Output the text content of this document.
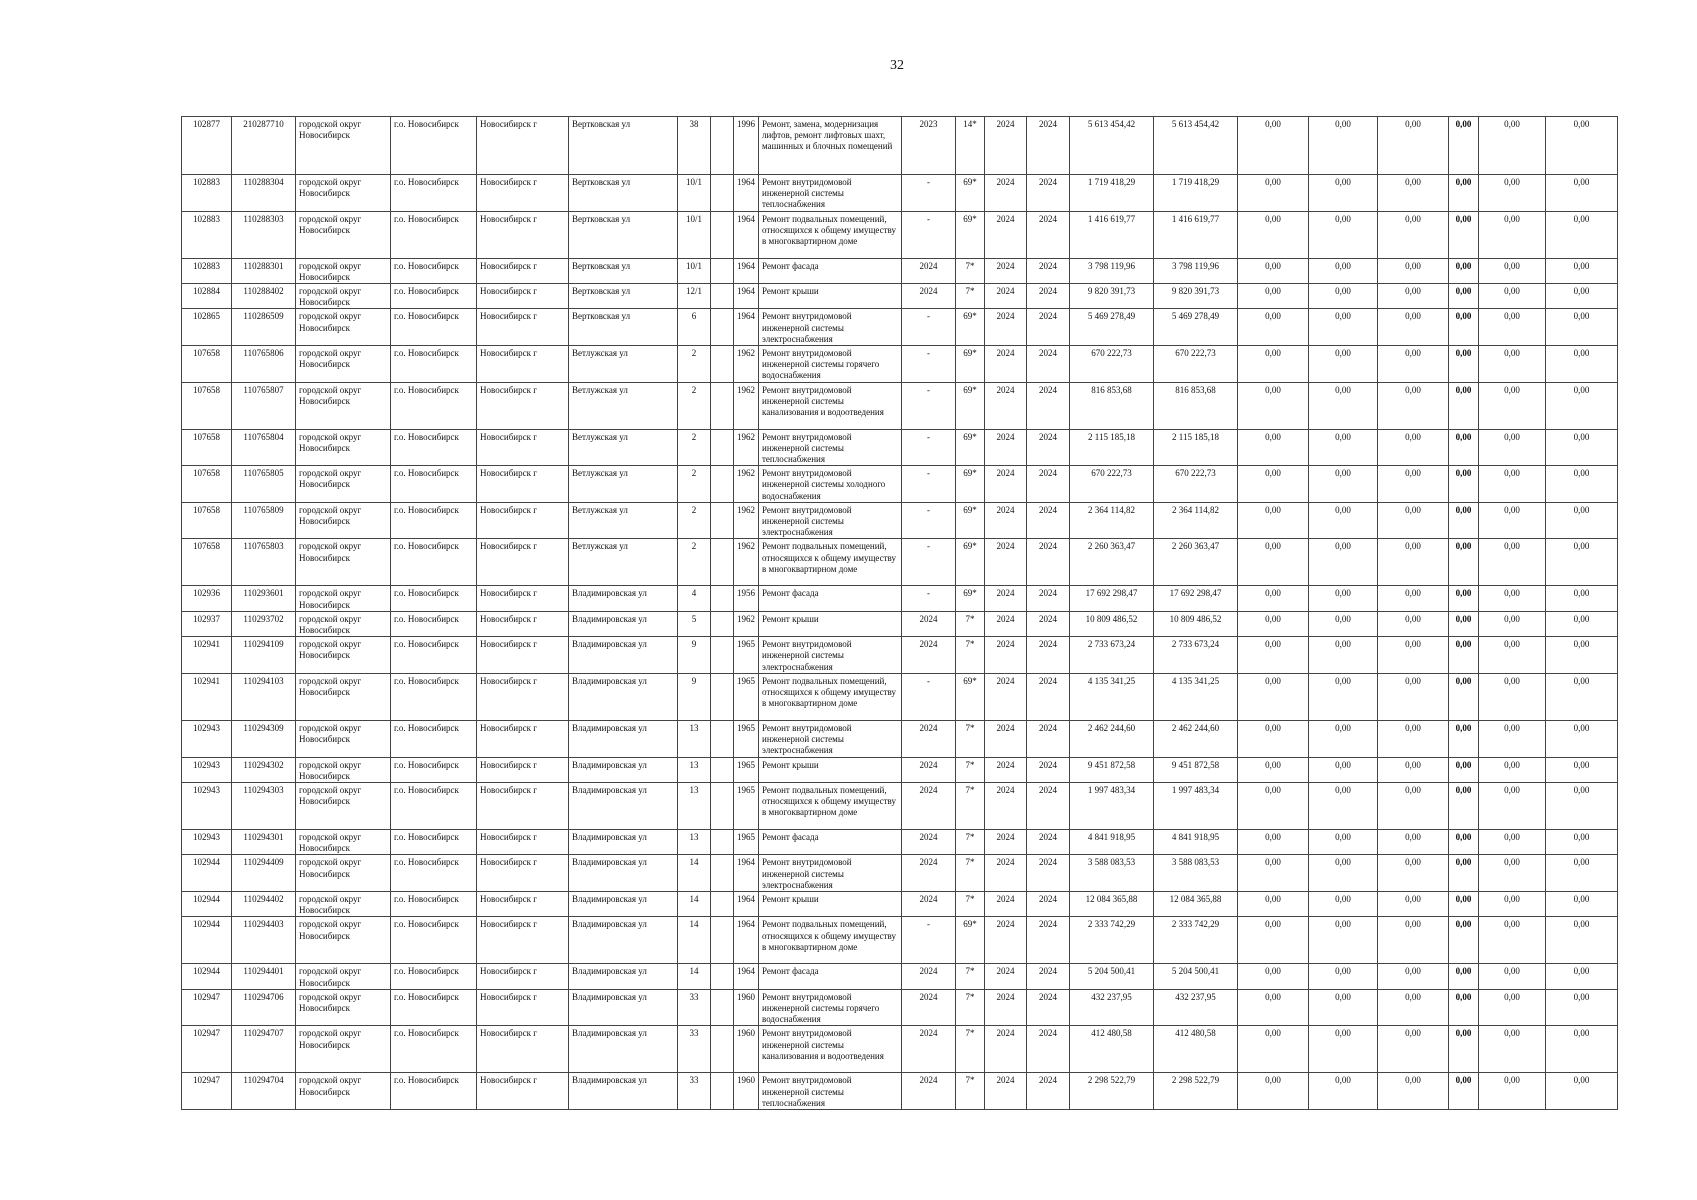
32
102877	210287710	городской округ Новосибирск	г.о. Новосибирск	Новосибирск г	Вертковская ул	38		1996	Ремонт, замена, модернизация лифтов, ремонт лифтовых шахт, машинных и блочных помещений	2023	14*	2024	2024	5 613 454,42	5 613 454,42	0,00	0,00	0,00	0,00	0,00	0,00
102883	110288304	городской округ Новосибирск	г.о. Новосибирск	Новосибирск г	Вертковская ул	10/1		1964	Ремонт внутридомовой инженерной системы теплоснабжения	-	69*	2024	2024	1 719 418,29	1 719 418,29	0,00	0,00	0,00	0,00	0,00	0,00
102883	110288303	городской округ Новосибирск	г.о. Новосибирск	Новосибирск г	Вертковская ул	10/1		1964	Ремонт подвальных помещений, относящихся к общему имуществу в многоквартирном доме	-	69*	2024	2024	1 416 619,77	1 416 619,77	0,00	0,00	0,00	0,00	0,00	0,00
102883	110288301	городской округ Новосибирск	г.о. Новосибирск	Новосибирск г	Вертковская ул	10/1		1964	Ремонт фасада	2024	7*	2024	2024	3 798 119,96	3 798 119,96	0,00	0,00	0,00	0,00	0,00	0,00
102884	110288402	городской округ Новосибирск	г.о. Новосибирск	Новосибирск г	Вертковская ул	12/1		1964	Ремонт крыши	2024	7*	2024	2024	9 820 391,73	9 820 391,73	0,00	0,00	0,00	0,00	0,00	0,00
102865	110286509	городской округ Новосибирск	г.о. Новосибирск	Новосибирск г	Вертковская ул	6		1964	Ремонт внутридомовой инженерной системы электроснабжения	-	69*	2024	2024	5 469 278,49	5 469 278,49	0,00	0,00	0,00	0,00	0,00	0,00
107658	110765806	городской округ Новосибирск	г.о. Новосибирск	Новосибирск г	Ветлужская ул	2		1962	Ремонт внутридомовой инженерной системы горячего водоснабжения	-	69*	2024	2024	670 222,73	670 222,73	0,00	0,00	0,00	0,00	0,00	0,00
107658	110765807	городской округ Новосибирск	г.о. Новосибирск	Новосибирск г	Ветлужская ул	2		1962	Ремонт внутридомовой инженерной системы канализования и водоотведения	-	69*	2024	2024	816 853,68	816 853,68	0,00	0,00	0,00	0,00	0,00	0,00
107658	110765804	городской округ Новосибирск	г.о. Новосибирск	Новосибирск г	Ветлужская ул	2		1962	Ремонт внутридомовой инженерной системы теплоснабжения	-	69*	2024	2024	2 115 185,18	2 115 185,18	0,00	0,00	0,00	0,00	0,00	0,00
107658	110765805	городской округ Новосибирск	г.о. Новосибирск	Новосибирск г	Ветлужская ул	2		1962	Ремонт внутридомовой инженерной системы холодного водоснабжения	-	69*	2024	2024	670 222,73	670 222,73	0,00	0,00	0,00	0,00	0,00	0,00
107658	110765809	городской округ Новосибирск	г.о. Новосибирск	Новосибирск г	Ветлужская ул	2		1962	Ремонт внутридомовой инженерной системы электроснабжения	-	69*	2024	2024	2 364 114,82	2 364 114,82	0,00	0,00	0,00	0,00	0,00	0,00
107658	110765803	городской округ Новосибирск	г.о. Новосибирск	Новосибирск г	Ветлужская ул	2		1962	Ремонт подвальных помещений, относящихся к общему имуществу в многоквартирном доме	-	69*	2024	2024	2 260 363,47	2 260 363,47	0,00	0,00	0,00	0,00	0,00	0,00
102936	110293601	городской округ Новосибирск	г.о. Новосибирск	Новосибирск г	Владимировская ул	4		1956	Ремонт фасада	-	69*	2024	2024	17 692 298,47	17 692 298,47	0,00	0,00	0,00	0,00	0,00	0,00
102937	110293702	городской округ Новосибирск	г.о. Новосибирск	Новосибирск г	Владимировская ул	5		1962	Ремонт крыши	2024	7*	2024	2024	10 809 486,52	10 809 486,52	0,00	0,00	0,00	0,00	0,00	0,00
102941	110294109	городской округ Новосибирск	г.о. Новосибирск	Новосибирск г	Владимировская ул	9		1965	Ремонт внутридомовой инженерной системы электроснабжения	2024	7*	2024	2024	2 733 673,24	2 733 673,24	0,00	0,00	0,00	0,00	0,00	0,00
102941	110294103	городской округ Новосибирск	г.о. Новосибирск	Новосибирск г	Владимировская ул	9		1965	Ремонт подвальных помещений, относящихся к общему имуществу в многоквартирном доме	-	69*	2024	2024	4 135 341,25	4 135 341,25	0,00	0,00	0,00	0,00	0,00	0,00
102943	110294309	городской округ Новосибирск	г.о. Новосибирск	Новосибирск г	Владимировская ул	13		1965	Ремонт внутридомовой инженерной системы электроснабжения	2024	7*	2024	2024	2 462 244,60	2 462 244,60	0,00	0,00	0,00	0,00	0,00	0,00
102943	110294302	городской округ Новосибирск	г.о. Новосибирск	Новосибирск г	Владимировская ул	13		1965	Ремонт крыши	2024	7*	2024	2024	9 451 872,58	9 451 872,58	0,00	0,00	0,00	0,00	0,00	0,00
102943	110294303	городской округ Новосибирск	г.о. Новосибирск	Новосибирск г	Владимировская ул	13		1965	Ремонт подвальных помещений, относящихся к общему имуществу в многоквартирном доме	2024	7*	2024	2024	1 997 483,34	1 997 483,34	0,00	0,00	0,00	0,00	0,00	0,00
102943	110294301	городской округ Новосибирск	г.о. Новосибирск	Новосибирск г	Владимировская ул	13		1965	Ремонт фасада	2024	7*	2024	2024	4 841 918,95	4 841 918,95	0,00	0,00	0,00	0,00	0,00	0,00
102944	110294409	городской округ Новосибирск	г.о. Новосибирск	Новосибирск г	Владимировская ул	14		1964	Ремонт внутридомовой инженерной системы электроснабжения	2024	7*	2024	2024	3 588 083,53	3 588 083,53	0,00	0,00	0,00	0,00	0,00	0,00
102944	110294402	городской округ Новосибирск	г.о. Новосибирск	Новосибирск г	Владимировская ул	14		1964	Ремонт крыши	2024	7*	2024	2024	12 084 365,88	12 084 365,88	0,00	0,00	0,00	0,00	0,00	0,00
102944	110294403	городской округ Новосибирск	г.о. Новосибирск	Новосибирск г	Владимировская ул	14		1964	Ремонт подвальных помещений, относящихся к общему имуществу в многоквартирном доме	-	69*	2024	2024	2 333 742,29	2 333 742,29	0,00	0,00	0,00	0,00	0,00	0,00
102944	110294401	городской округ Новосибирск	г.о. Новосибирск	Новосибирск г	Владимировская ул	14		1964	Ремонт фасада	2024	7*	2024	2024	5 204 500,41	5 204 500,41	0,00	0,00	0,00	0,00	0,00	0,00
102947	110294706	городской округ Новосибирск	г.о. Новосибирск	Новосибирск г	Владимировская ул	33		1960	Ремонт внутридомовой инженерной системы горячего водоснабжения	2024	7*	2024	2024	432 237,95	432 237,95	0,00	0,00	0,00	0,00	0,00	0,00
102947	110294707	городской округ Новосибирск	г.о. Новосибирск	Новосибирск г	Владимировская ул	33		1960	Ремонт внутридомовой инженерной системы канализования и водоотведения	2024	7*	2024	2024	412 480,58	412 480,58	0,00	0,00	0,00	0,00	0,00	0,00
102947	110294704	городской округ Новосибирск	г.о. Новосибирск	Новосибирск г	Владимировская ул	33		1960	Ремонт внутридомовой инженерной системы теплоснабжения	2024	7*	2024	2024	2 298 522,79	2 298 522,79	0,00	0,00	0,00	0,00	0,00	0,00
